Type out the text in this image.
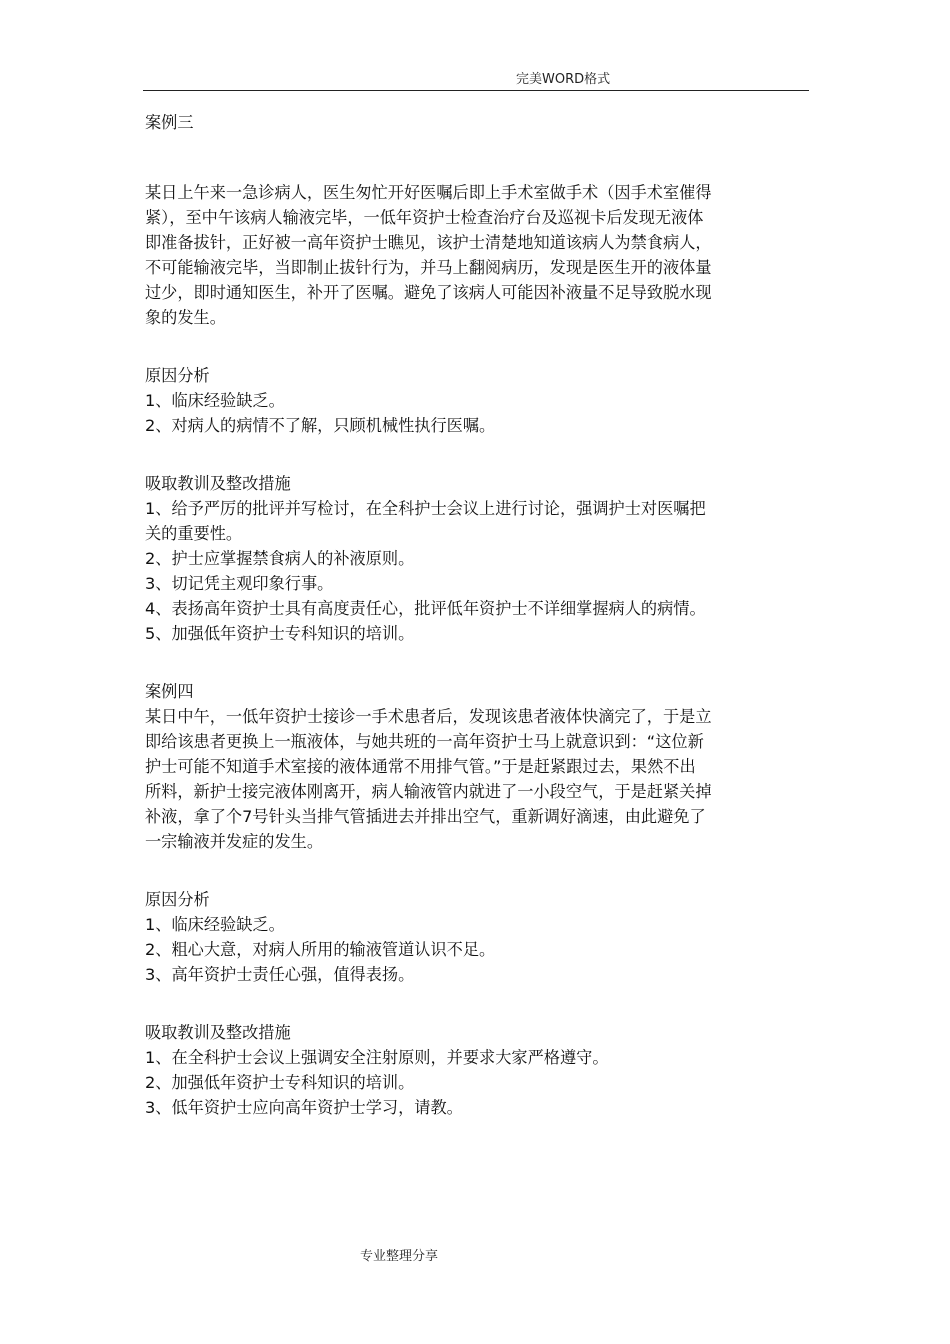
完美WORD格式
案例三
某日上午来一急诊病人，医生匆忙开好医嘱后即上手术室做手术（因手术室催得
紧），至中午该病人输液完毕，一低年资护士检查治疗台及巡视卡后发现无液体
即准备拔针，正好被一高年资护士瞧见，该护士清楚地知道该病人为禁食病人，
不可能输液完毕，当即制止拔针行为，并马上翻阅病历，发现是医生开的液体量
过少，即时通知医生，补开了医嘱。避免了该病人可能因补液量不足导致脱水现
象的发生。
原因分析
1、临床经验缺乏。
2、对病人的病情不了解，只顾机械性执行医嘱。
吸取教训及整改措施
1、给予严厉的批评并写检讨，在全科护士会议上进行讨论，强调护士对医嘱把
关的重要性。
2、护士应掌握禁食病人的补液原则。
3、切记凭主观印象行事。
4、表扬高年资护士具有高度责任心，批评低年资护士不详细掌握病人的病情。
5、加强低年资护士专科知识的培训。
案例四
某日中午，一低年资护士接诊一手术患者后，发现该患者液体快滴完了，于是立
即给该患者更换上一瓶液体，与她共班的一高年资护士马上就意识到：“这位新
护士可能不知道手术室接的液体通常不用排气管。”于是赶紧跟过去，果然不出
所料，新护士接完液体刚离开，病人输液管内就进了一小段空气，于是赶紧关掉
补液，拿了个7号针头当排气管插进去并排出空气，重新调好滴速，由此避免了
一宗输液并发症的发生。
原因分析
1、临床经验缺乏。
2、粗心大意，对病人所用的输液管道认识不足。
3、高年资护士责任心强，值得表扬。
吸取教训及整改措施
1、在全科护士会议上强调安全注射原则，并要求大家严格遵守。
2、加强低年资护士专科知识的培训。
3、低年资护士应向高年资护士学习，请教。
专业整理分享
